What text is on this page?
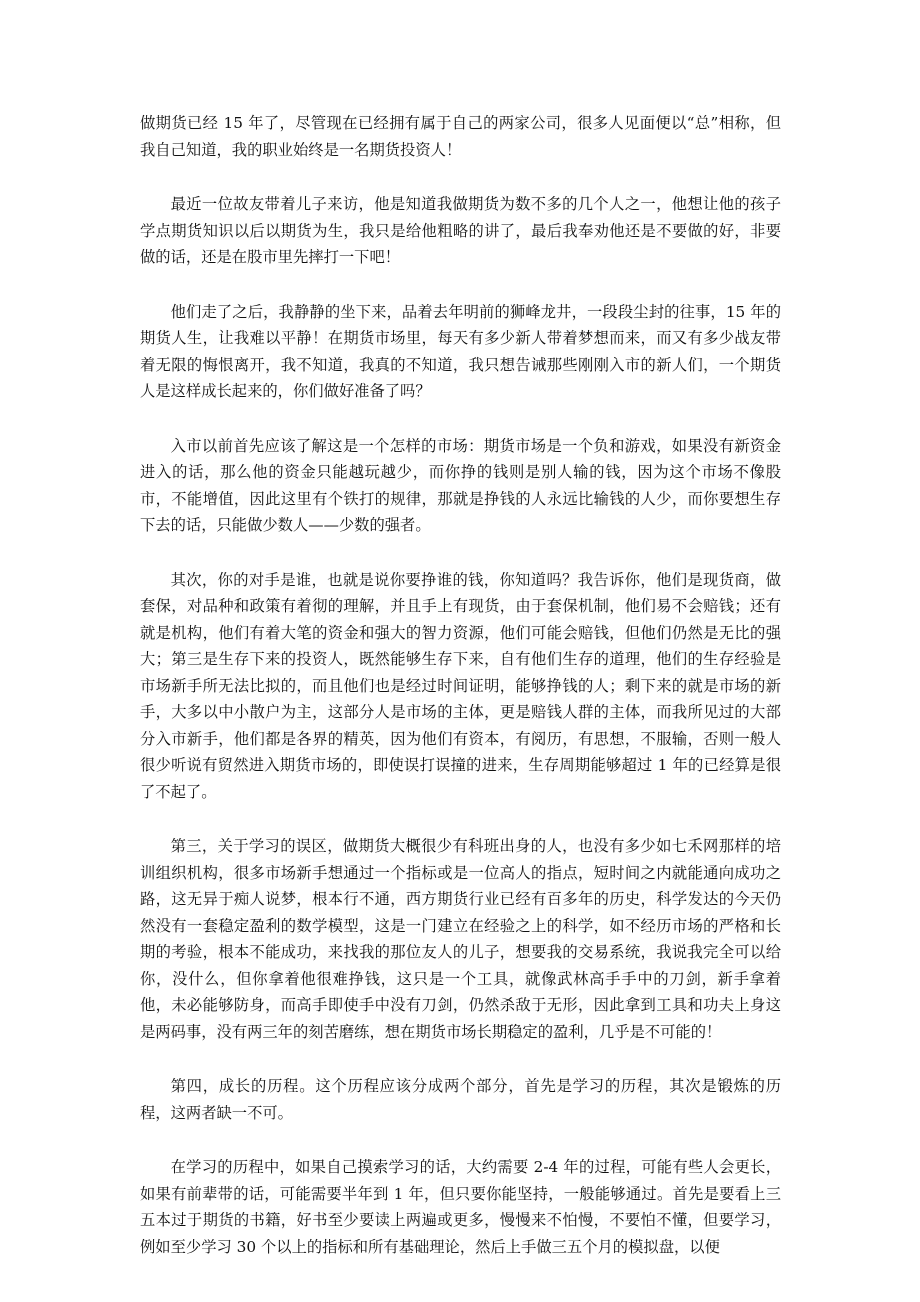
做期货已经 15 年了，尽管现在已经拥有属于自己的两家公司，很多人见面便以“总”相称，但我自己知道，我的职业始终是一名期货投资人！

最近一位故友带着儿子来访，他是知道我做期货为数不多的几个人之一，他想让他的孩子学点期货知识以后以期货为生，我只是给他粗略的讲了，最后我奉劝他还是不要做的好，非要做的话，还是在股市里先摔打一下吧！

他们走了之后，我静静的坐下来，品着去年明前的狮峰龙井，一段段尘封的往事，15 年的期货人生，让我难以平静！在期货市场里，每天有多少新人带着梦想而来，而又有多少战友带着无限的悔恨离开，我不知道，我真的不知道，我只想告诫那些刚刚入市的新人们，一个期货人是这样成长起来的，你们做好准备了吗？

入市以前首先应该了解这是一个怎样的市场：期货市场是一个负和游戏，如果没有新资金进入的话，那么他的资金只能越玩越少，而你挣的钱则是别人输的钱，因为这个市场不像股市，不能增值，因此这里有个铁打的规律，那就是挣钱的人永远比输钱的人少，而你要想生存下去的话，只能做少数人——少数的强者。

其次，你的对手是谁，也就是说你要挣谁的钱，你知道吗？我告诉你，他们是现货商，做套保，对品种和政策有着彻的理解，并且手上有现货，由于套保机制，他们易不会赔钱；还有就是机构，他们有着大笔的资金和强大的智力资源，他们可能会赔钱，但他们仍然是无比的强大；第三是生存下来的投资人，既然能够生存下来，自有他们生存的道理，他们的生存经验是市场新手所无法比拟的，而且他们也是经过时间证明，能够挣钱的人；剩下来的就是市场的新手，大多以中小散户为主，这部分人是市场的主体，更是赔钱人群的主体，而我所见过的大部分入市新手，他们都是各界的精英，因为他们有资本，有阅历，有思想，不服输，否则一般人很少听说有贸然进入期货市场的，即使误打误撞的进来，生存周期能够超过 1 年的已经算是很了不起了。

第三，关于学习的误区，做期货大概很少有科班出身的人，也没有多少如七禾网那样的培训组织机构，很多市场新手想通过一个指标或是一位高人的指点，短时间之内就能通向成功之路，这无异于痴人说梦，根本行不通，西方期货行业已经有百多年的历史，科学发达的今天仍然没有一套稳定盈利的数学模型，这是一门建立在经验之上的科学，如不经历市场的严格和长期的考验，根本不能成功，来找我的那位友人的儿子，想要我的交易系统，我说我完全可以给你，没什么，但你拿着他很难挣钱，这只是一个工具，就像武林高手手中的刀剑，新手拿着他，未必能够防身，而高手即使手中没有刀剑，仍然杀敌于无形，因此拿到工具和功夫上身这是两码事，没有两三年的刻苦磨练，想在期货市场长期稳定的盈利，几乎是不可能的！

第四，成长的历程。这个历程应该分成两个部分，首先是学习的历程，其次是锻炼的历程，这两者缺一不可。

在学习的历程中，如果自己摸索学习的话，大约需要 2-4 年的过程，可能有些人会更长，如果有前辈带的话，可能需要半年到 1 年，但只要你能坚持，一般能够通过。首先是要看上三五本过于期货的书籍，好书至少要读上两遍或更多，慢慢来不怕慢，不要怕不懂，但要学习，例如至少学习 30 个以上的指标和所有基础理论，然后上手做三五个月的模拟盘，以便
